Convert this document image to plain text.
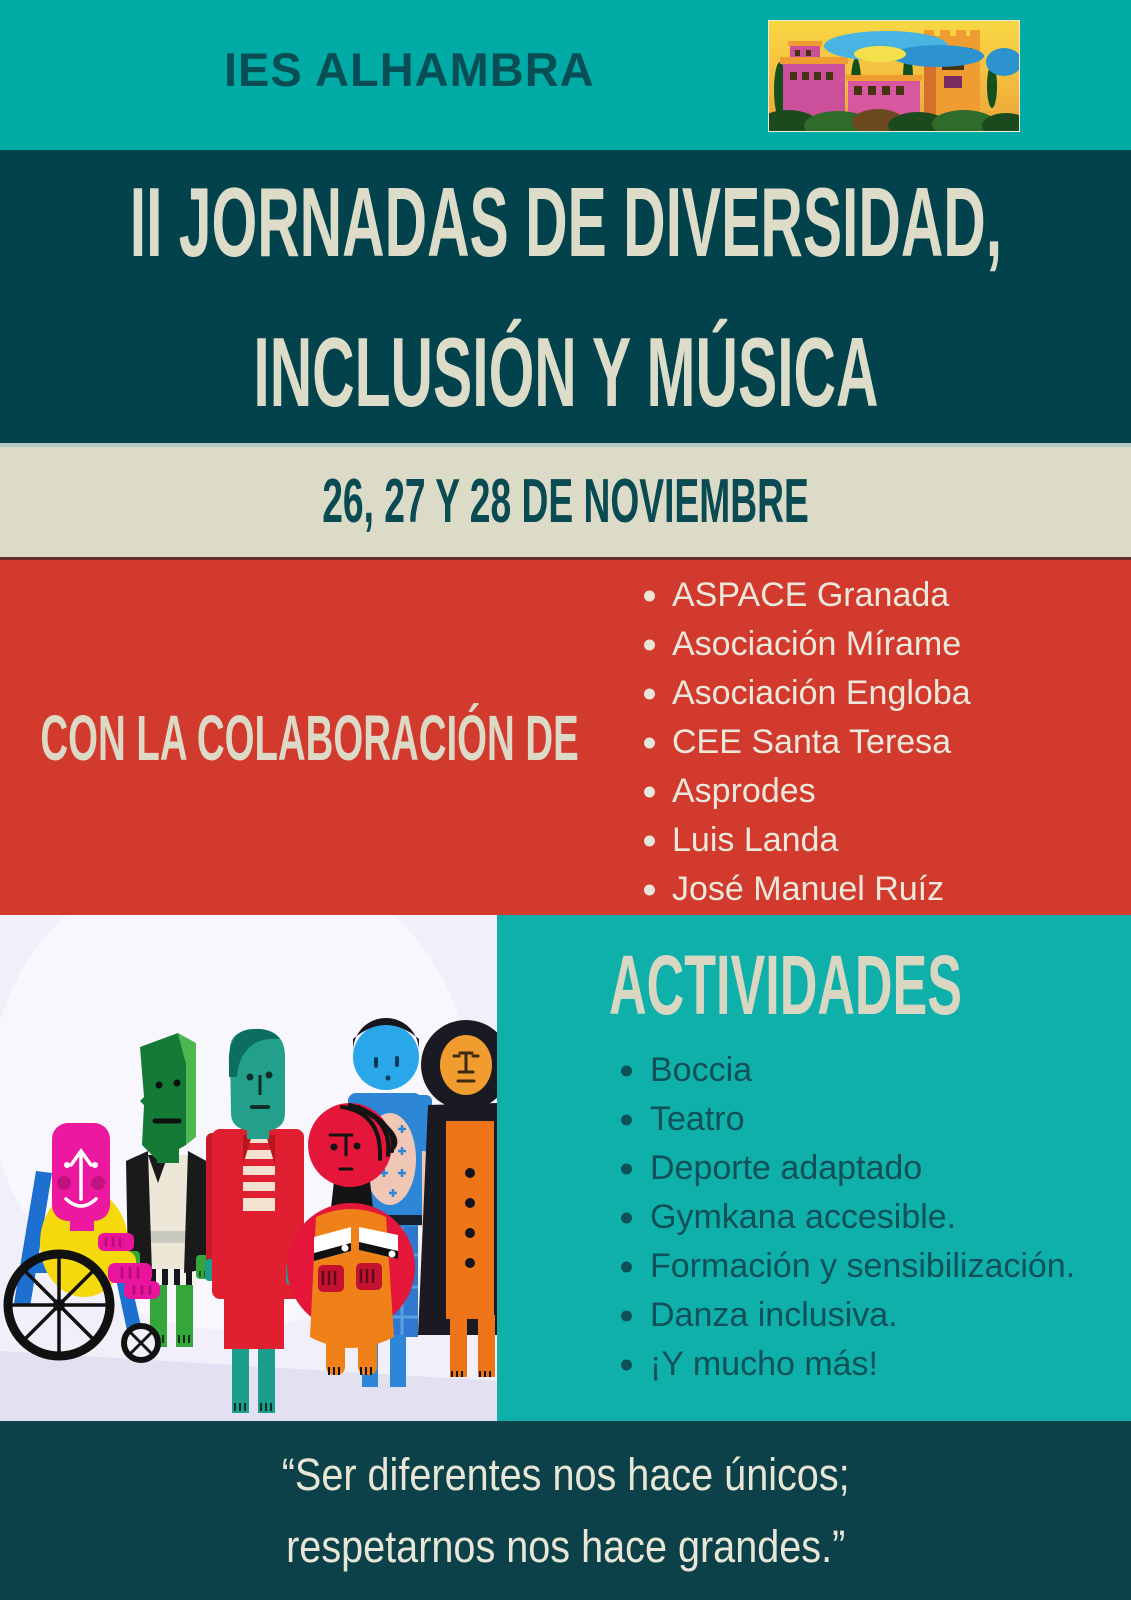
IES ALHAMBRA
II JORNADAS DE DIVERSIDAD,
INCLUSIÓN Y MÚSICA
26, 27 Y 28 DE NOVIEMBRE
CON LA COLABORACIÓN DE
ASPACE Granada
Asociación Mírame
Asociación Engloba
CEE Santa Teresa
Asprodes
Luis Landa
José Manuel Ruíz
ACTIVIDADES
Boccia
Teatro
Deporte adaptado
Gymkana accesible.
Formación y sensibilización.
Danza inclusiva.
¡Y mucho más!
“Ser diferentes nos hace únicos;
respetarnos nos hace grandes.”
